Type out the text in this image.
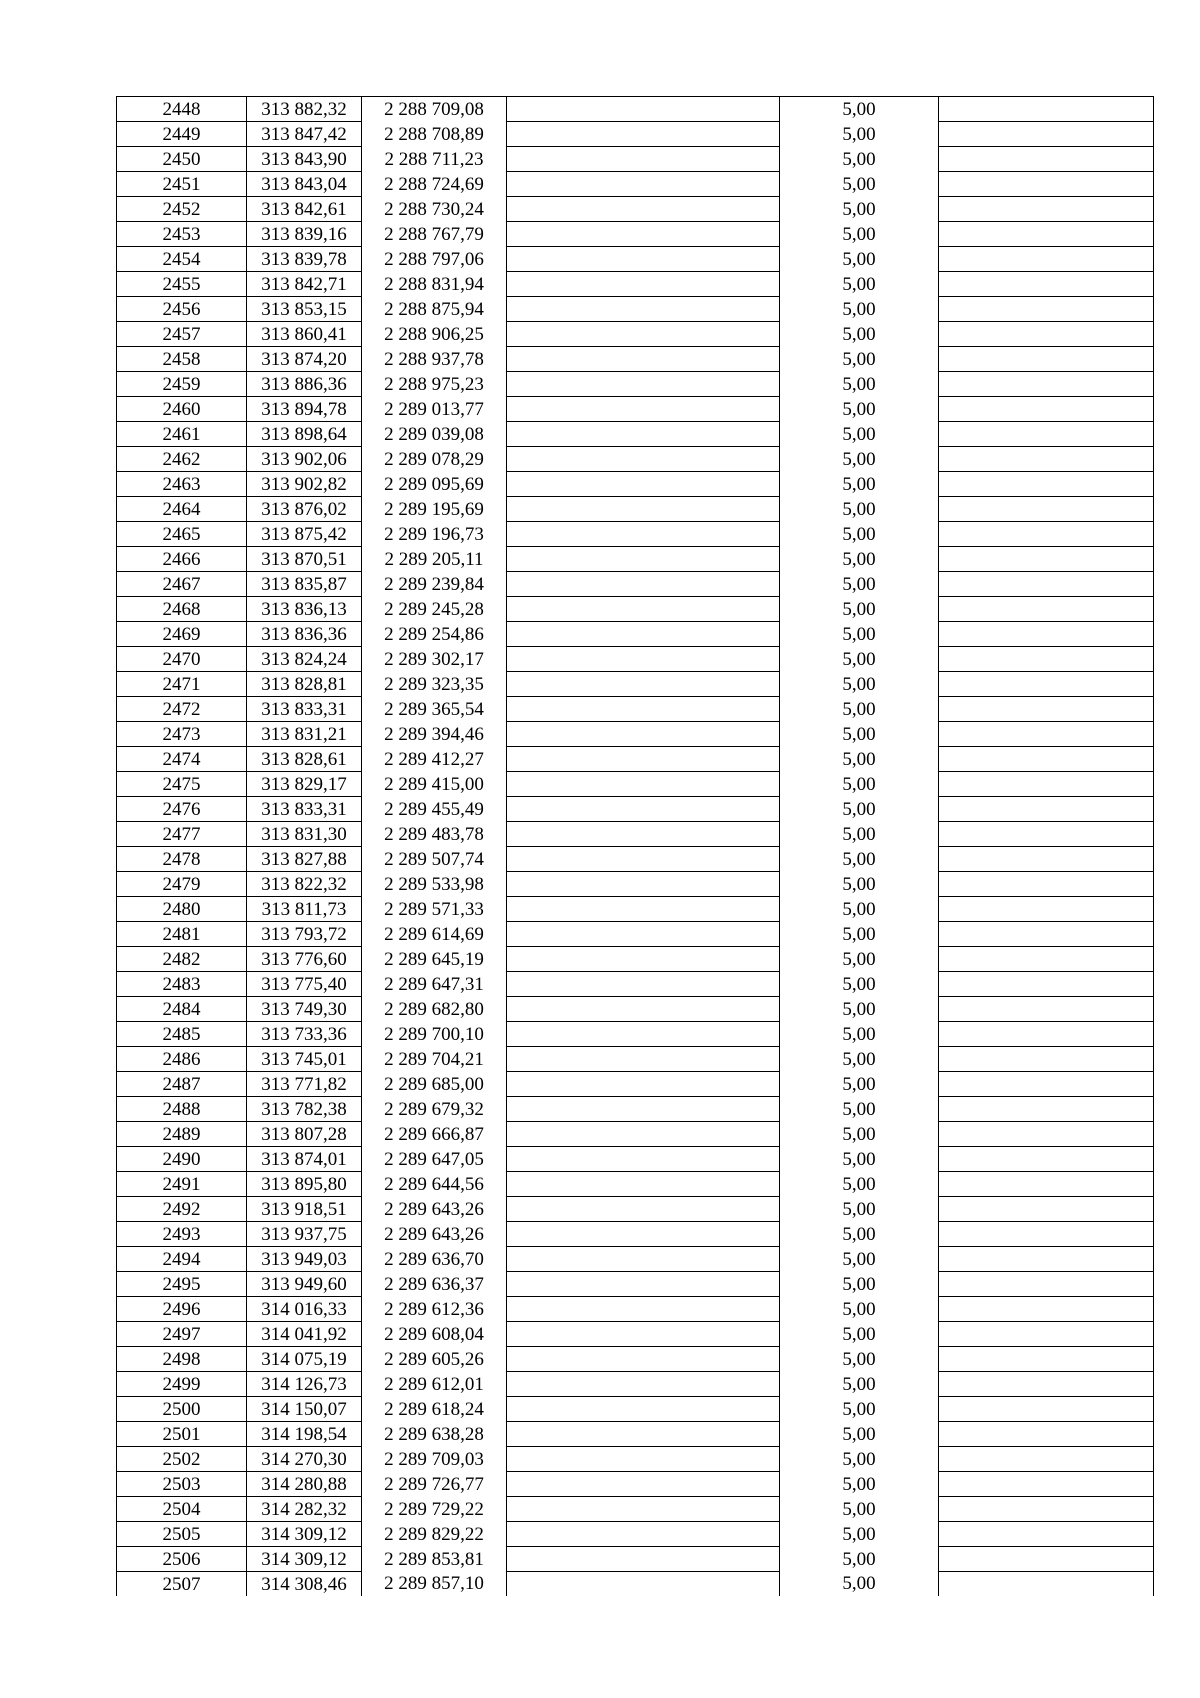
2448	313 882,32	2 288 709,08		5,00	
2449	313 847,42	2 288 708,89		5,00	
2450	313 843,90	2 288 711,23		5,00	
2451	313 843,04	2 288 724,69		5,00	
2452	313 842,61	2 288 730,24		5,00	
2453	313 839,16	2 288 767,79		5,00	
2454	313 839,78	2 288 797,06		5,00	
2455	313 842,71	2 288 831,94		5,00	
2456	313 853,15	2 288 875,94		5,00	
2457	313 860,41	2 288 906,25		5,00	
2458	313 874,20	2 288 937,78		5,00	
2459	313 886,36	2 288 975,23		5,00	
2460	313 894,78	2 289 013,77		5,00	
2461	313 898,64	2 289 039,08		5,00	
2462	313 902,06	2 289 078,29		5,00	
2463	313 902,82	2 289 095,69		5,00	
2464	313 876,02	2 289 195,69		5,00	
2465	313 875,42	2 289 196,73		5,00	
2466	313 870,51	2 289 205,11		5,00	
2467	313 835,87	2 289 239,84		5,00	
2468	313 836,13	2 289 245,28		5,00	
2469	313 836,36	2 289 254,86		5,00	
2470	313 824,24	2 289 302,17		5,00	
2471	313 828,81	2 289 323,35		5,00	
2472	313 833,31	2 289 365,54		5,00	
2473	313 831,21	2 289 394,46		5,00	
2474	313 828,61	2 289 412,27		5,00	
2475	313 829,17	2 289 415,00		5,00	
2476	313 833,31	2 289 455,49		5,00	
2477	313 831,30	2 289 483,78		5,00	
2478	313 827,88	2 289 507,74		5,00	
2479	313 822,32	2 289 533,98		5,00	
2480	313 811,73	2 289 571,33		5,00	
2481	313 793,72	2 289 614,69		5,00	
2482	313 776,60	2 289 645,19		5,00	
2483	313 775,40	2 289 647,31		5,00	
2484	313 749,30	2 289 682,80		5,00	
2485	313 733,36	2 289 700,10		5,00	
2486	313 745,01	2 289 704,21		5,00	
2487	313 771,82	2 289 685,00		5,00	
2488	313 782,38	2 289 679,32		5,00	
2489	313 807,28	2 289 666,87		5,00	
2490	313 874,01	2 289 647,05		5,00	
2491	313 895,80	2 289 644,56		5,00	
2492	313 918,51	2 289 643,26		5,00	
2493	313 937,75	2 289 643,26		5,00	
2494	313 949,03	2 289 636,70		5,00	
2495	313 949,60	2 289 636,37		5,00	
2496	314 016,33	2 289 612,36		5,00	
2497	314 041,92	2 289 608,04		5,00	
2498	314 075,19	2 289 605,26		5,00	
2499	314 126,73	2 289 612,01		5,00	
2500	314 150,07	2 289 618,24		5,00	
2501	314 198,54	2 289 638,28		5,00	
2502	314 270,30	2 289 709,03		5,00	
2503	314 280,88	2 289 726,77		5,00	
2504	314 282,32	2 289 729,22		5,00	
2505	314 309,12	2 289 829,22		5,00	
2506	314 309,12	2 289 853,81		5,00	
2507	314 308,46	2 289 857,10		5,00	
